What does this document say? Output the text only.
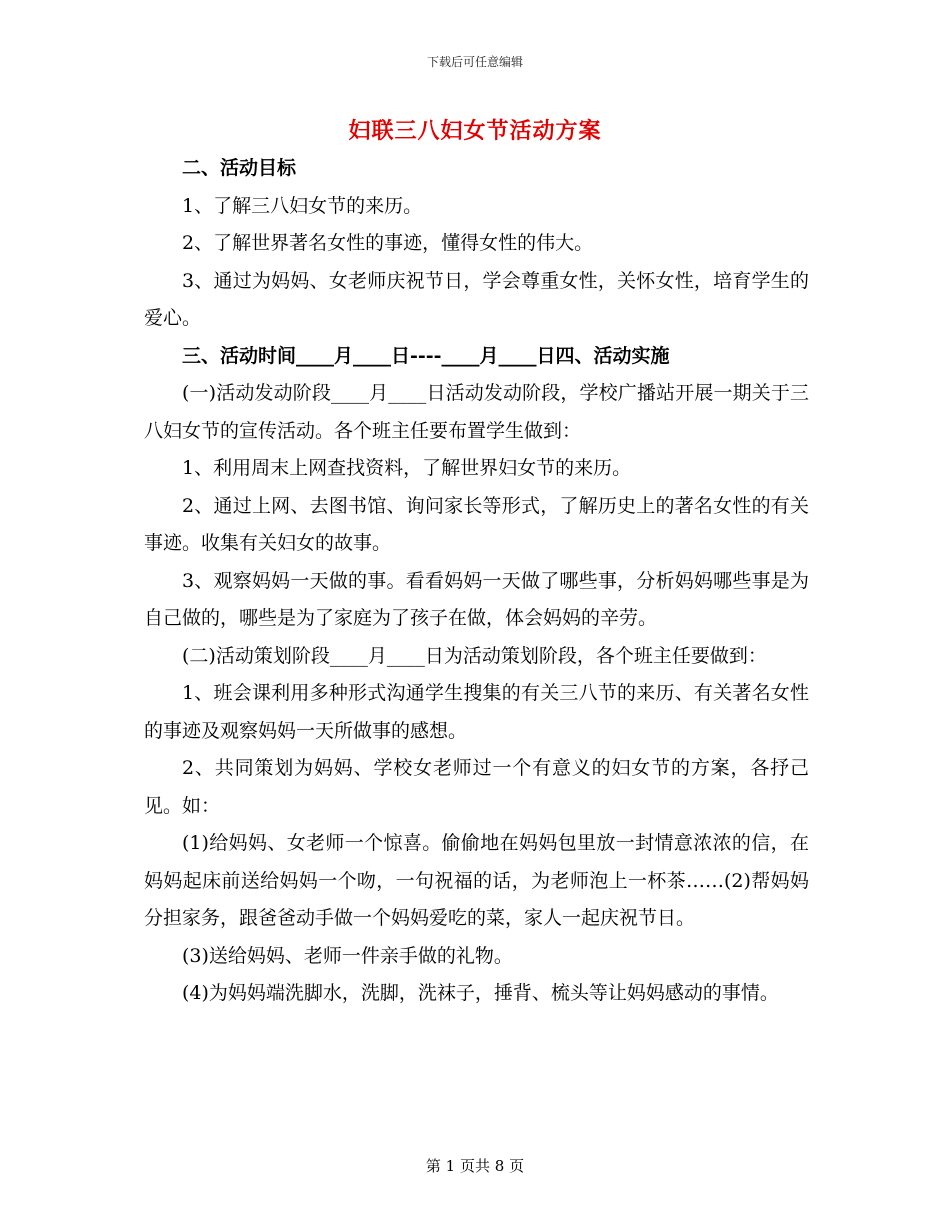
下载后可任意编辑
妇联三八妇女节活动方案

二、活动目标

1、了解三八妇女节的来历。

2、了解世界著名女性的事迹，懂得女性的伟大。

3、通过为妈妈、女老师庆祝节日，学会尊重女性，关怀女性，培育学生的爱心。

三、活动时间____月____日----____月____日四、活动实施

(一)活动发动阶段____月____日活动发动阶段，学校广播站开展一期关于三八妇女节的宣传活动。各个班主任要布置学生做到：

1、利用周末上网查找资料，了解世界妇女节的来历。

2、通过上网、去图书馆、询问家长等形式，了解历史上的著名女性的有关事迹。收集有关妇女的故事。

3、观察妈妈一天做的事。看看妈妈一天做了哪些事，分析妈妈哪些事是为自己做的，哪些是为了家庭为了孩子在做，体会妈妈的辛劳。

(二)活动策划阶段____月____日为活动策划阶段，各个班主任要做到：

1、班会课利用多种形式沟通学生搜集的有关三八节的来历、有关著名女性的事迹及观察妈妈一天所做事的感想。

2、共同策划为妈妈、学校女老师过一个有意义的妇女节的方案，各抒己见。如：

(1)给妈妈、女老师一个惊喜。偷偷地在妈妈包里放一封情意浓浓的信，在妈妈起床前送给妈妈一个吻，一句祝福的话，为老师泡上一杯茶……(2)帮妈妈分担家务，跟爸爸动手做一个妈妈爱吃的菜，家人一起庆祝节日。

(3)送给妈妈、老师一件亲手做的礼物。

(4)为妈妈端洗脚水，洗脚，洗袜子，捶背、梳头等让妈妈感动的事情。

第 1 页共 8 页
